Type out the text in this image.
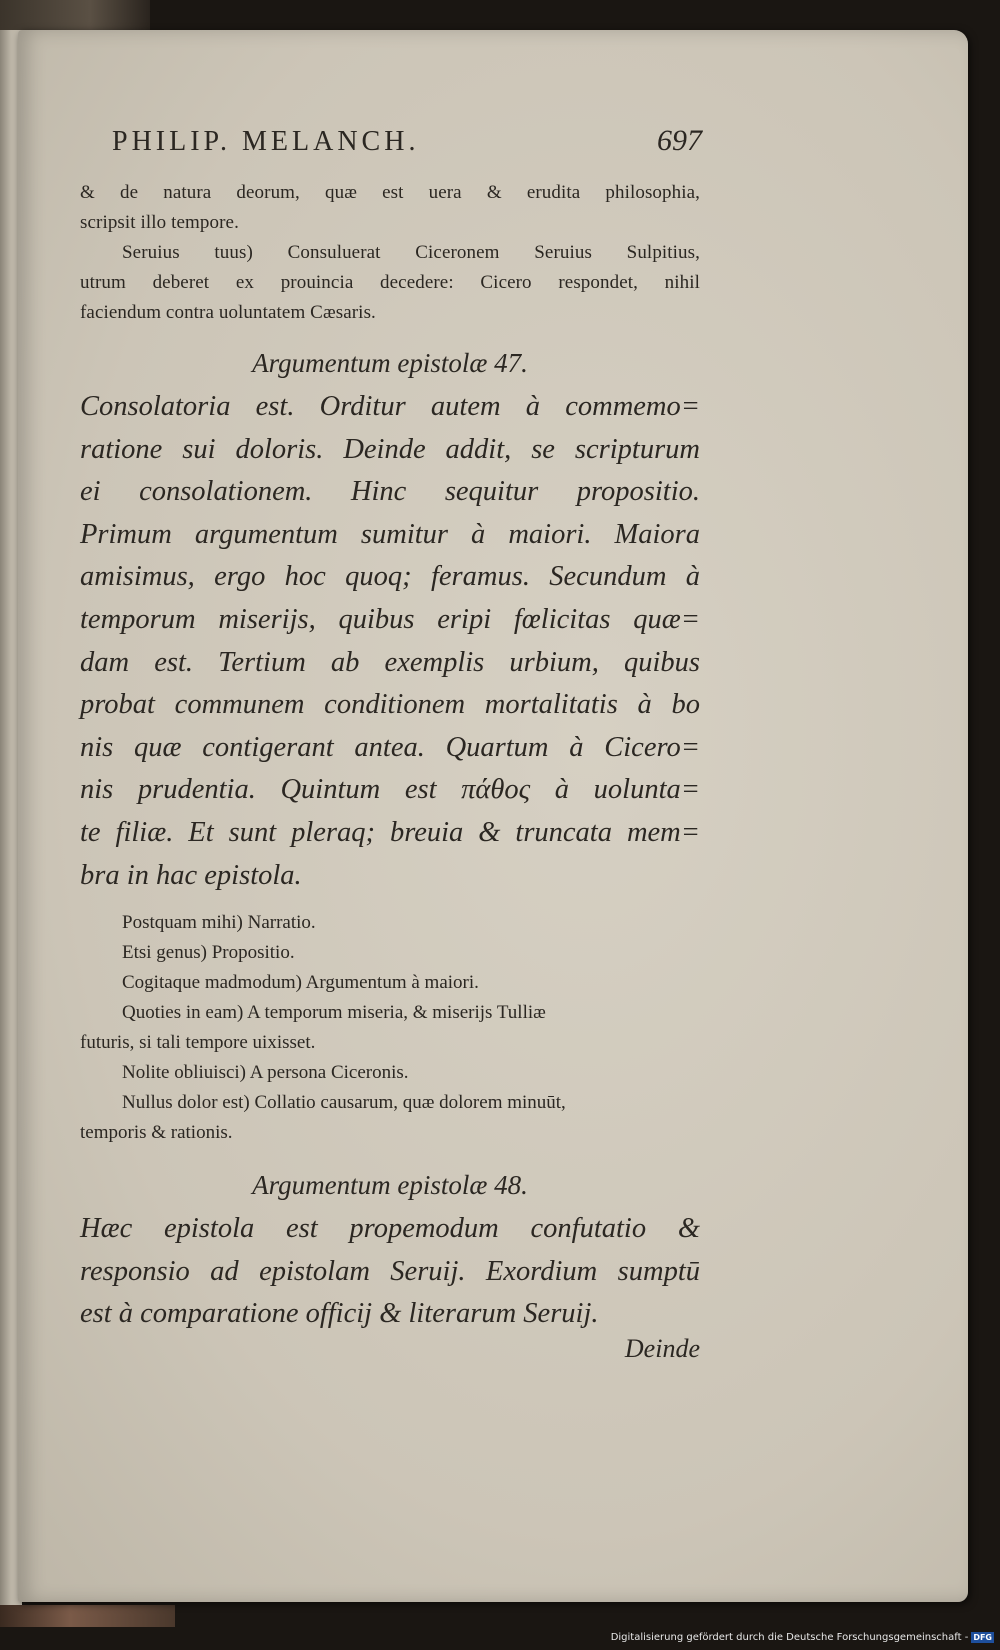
PHILIP. MELANCH.	697

& de natura deorum, quæ est uera & erudita philosophia,

scripsit illo tempore.

Seruius tuus) Consuluerat Ciceronem Seruius Sulpitius,

utrum deberet ex prouincia decedere: Cicero respondet, nihil

faciendum contra uoluntatem Cæsaris.

Argumentum epistolæ 47.

Consolatoria est. Orditur autem à commemo=

ratione sui doloris. Deinde addit, se scripturum

ei consolationem. Hinc sequitur propositio.

Primum argumentum sumitur à maiori. Maiora

amisimus, ergo hoc quoq; feramus. Secundum à

temporum miserijs, quibus eripi fœlicitas quæ=

dam est. Tertium ab exemplis urbium, quibus

probat communem conditionem mortalitatis à bo

nis quæ contigerant antea. Quartum à Cicero=

nis prudentia. Quintum est πάθος à uolunta=

te filiæ. Et sunt pleraq; breuia & truncata mem=

bra in hac epistola.

Postquam mihi) Narratio.

Etsi genus) Propositio.

Cogitaque madmodum) Argumentum à maiori.

Quoties in eam) A temporum miseria, & miserijs Tulliæ

futuris, si tali tempore uixisset.

Nolite obliuisci) A persona Ciceronis.

Nullus dolor est) Collatio causarum, quæ dolorem minuūt,

temporis & rationis.

Argumentum epistolæ 48.

Hæc epistola est propemodum confutatio &

responsio ad epistolam Seruij. Exordium sumptū

est à comparatione officij & literarum Seruij.

Deinde
Digitalisierung gefördert durch die Deutsche Forschungsgemeinschaft - DFG
